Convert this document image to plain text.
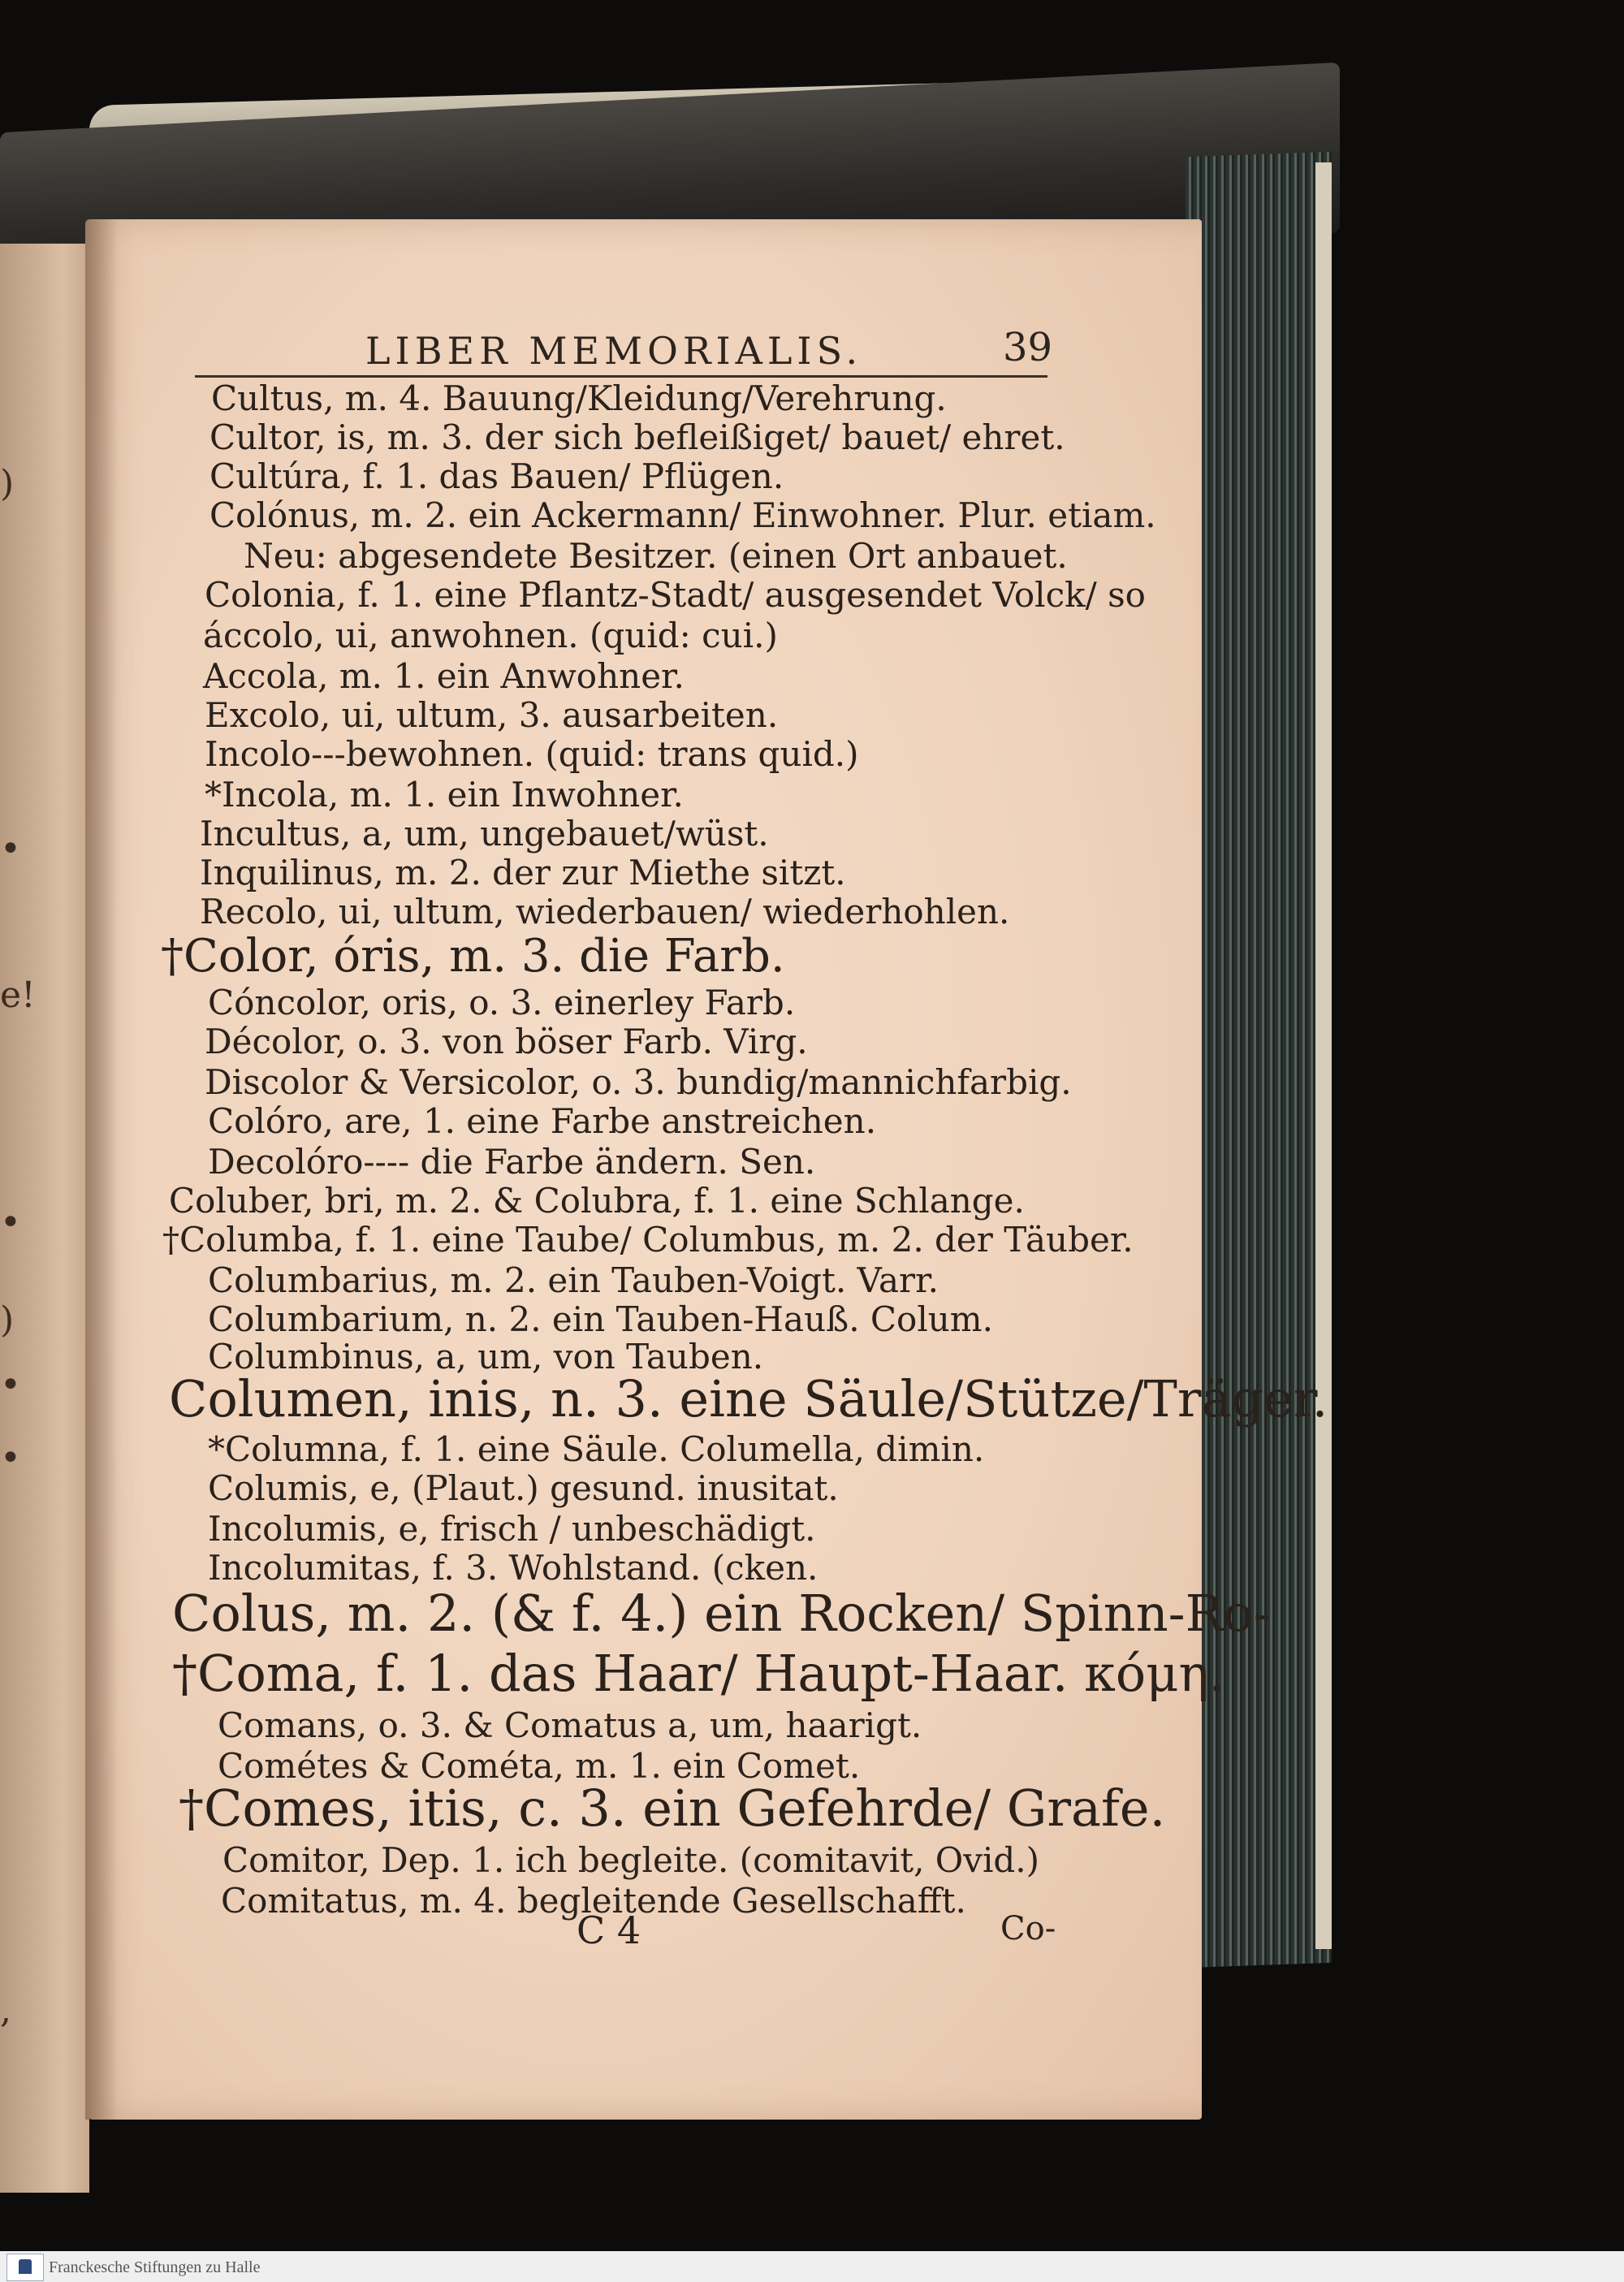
)
•
e!
•
)
•
•
,
LIBER MEMORIALIS.	39
Cultus, m. 4. Bauung/Kleidung/Verehrung.
Cultor, is, m. 3. der sich befleißiget/ bauet/ ehret.
Cultúra, f. 1. das Bauen/ Pflügen.
Colónus, m. 2. ein Ackermann/ Einwohner. Plur. etiam.
Neu: abgesendete Besitzer. (einen Ort anbauet.
Colonia, f. 1. eine Pflantz-Stadt/ ausgesendet Volck/ so
áccolo, ui, anwohnen. (quid: cui.)
Accola, m. 1. ein Anwohner.
Excolo, ui, ultum, 3. ausarbeiten.
Incolo---bewohnen. (quid: trans quid.)
*Incola, m. 1. ein Inwohner.
Incultus, a, um, ungebauet/wüst.
Inquilinus, m. 2. der zur Miethe sitzt.
Recolo, ui, ultum, wiederbauen/ wiederhohlen.
†Color, óris, m. 3. die Farb.
Cóncolor, oris, o. 3. einerley Farb.
Décolor, o. 3. von böser Farb. Virg.
Discolor & Versicolor, o. 3. bundig/mannichfarbig.
Colóro, are, 1. eine Farbe anstreichen.
Decolóro---- die Farbe ändern. Sen.
Coluber, bri, m. 2. & Colubra, f. 1. eine Schlange.
†Columba, f. 1. eine Taube/ Columbus, m. 2. der Täuber.
Columbarius, m. 2. ein Tauben-Voigt. Varr.
Columbarium, n. 2. ein Tauben-Hauß. Colum.
Columbinus, a, um, von Tauben.
Columen, inis, n. 3. eine Säule/Stütze/Träger.
*Columna, f. 1. eine Säule. Columella, dimin.
Columis, e, (Plaut.) gesund. inusitat.
Incolumis, e, frisch / unbeschädigt.
Incolumitas, f. 3. Wohlstand. (cken.
Colus, m. 2. (& f. 4.) ein Rocken/ Spinn-Ro-
†Coma, f. 1. das Haar/ Haupt-Haar. κόμη.
Comans, o. 3. & Comatus a, um, haarigt.
Cométes & Cométa, m. 1. ein Comet.
†Comes, itis, c. 3. ein Gefehrde/ Grafe.
Comitor, Dep. 1. ich begleite. (comitavit, Ovid.)
Comitatus, m. 4. begleitende Gesellschafft.
C 4	Co-
Franckesche Stiftungen zu Halle
